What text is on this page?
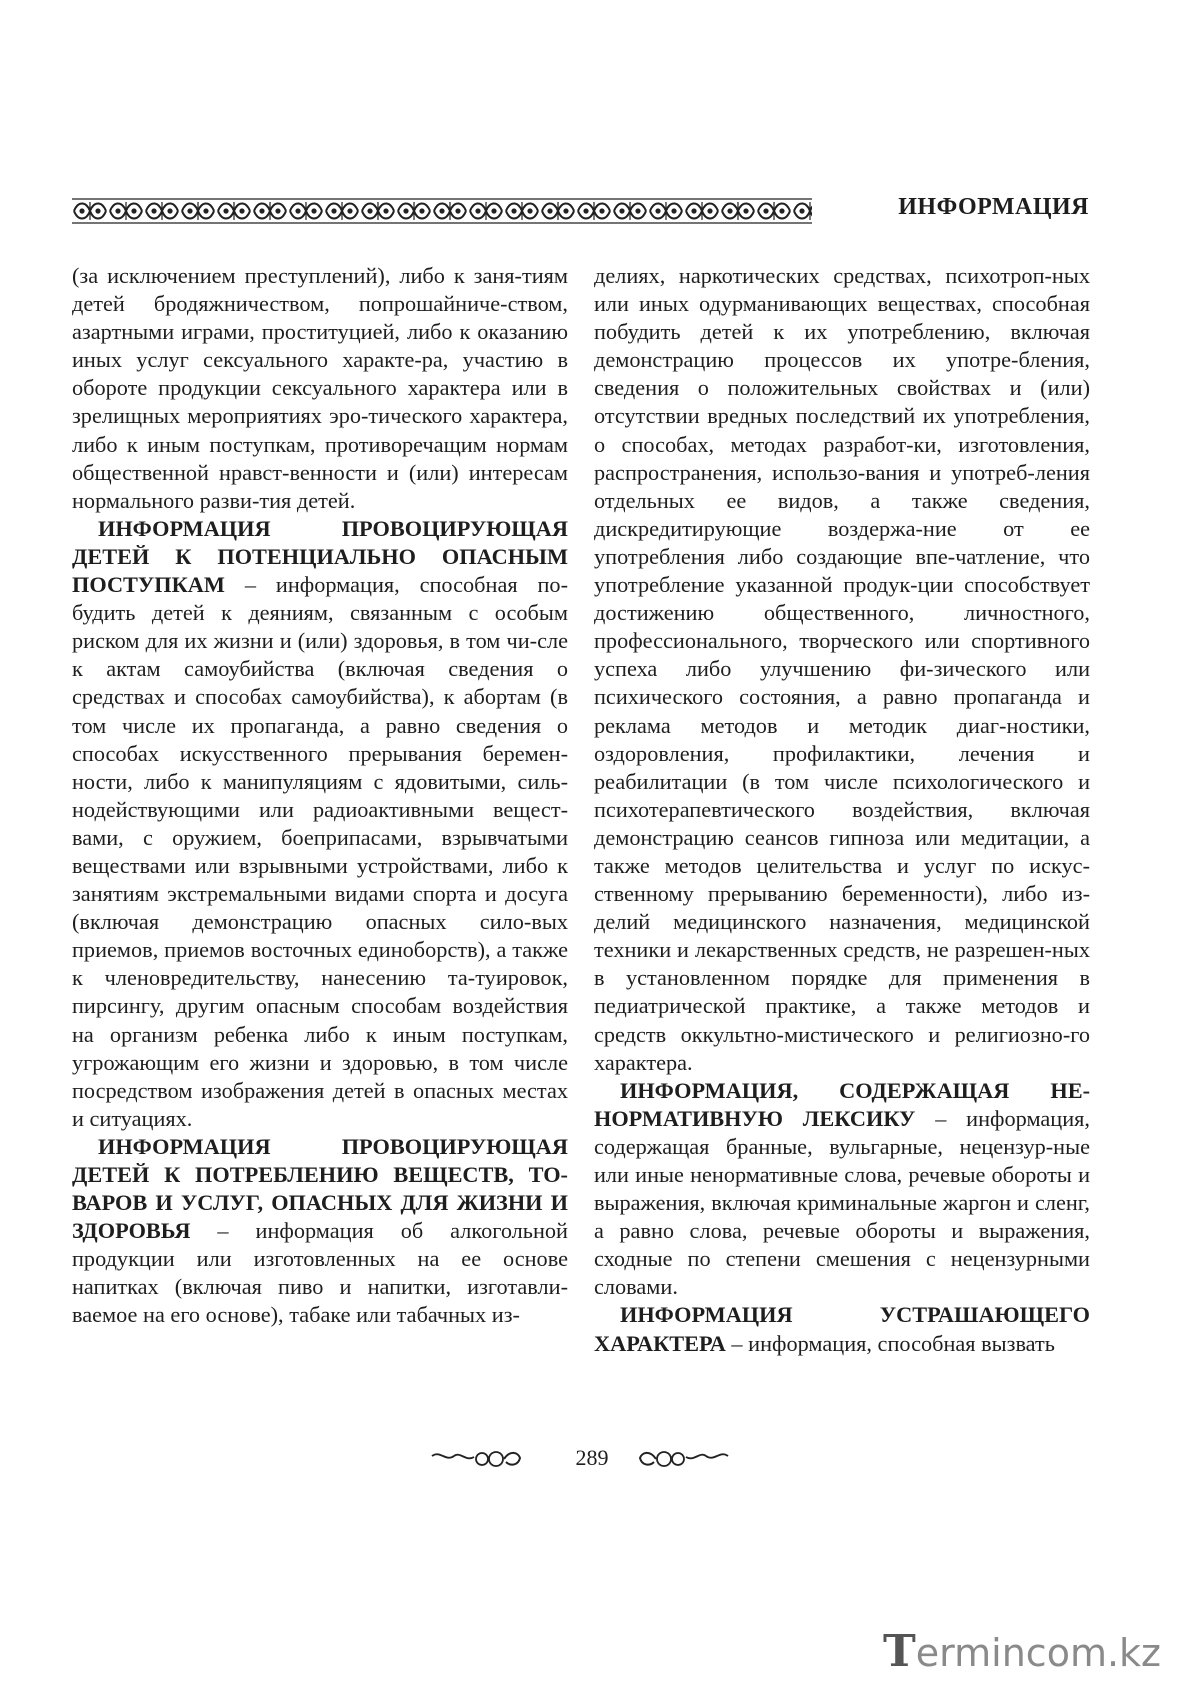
ИНФОРМАЦИЯ

(за исключением преступлений), либо к заня-тиям детей бродяжничеством, попрошайниче-ством, азартными играми, проституцией, либо к оказанию иных услуг сексуального характе-ра, участию в обороте продукции сексуального характера или в зрелищных мероприятиях эро-тического характера, либо к иным поступкам, противоречащим нормам общественной нравст-венности и (или) интересам нормального разви-тия детей.

ИНФОРМАЦИЯ ПРОВОЦИРУЮЩАЯ ДЕТЕЙ К ПОТЕНЦИАЛЬНО ОПАСНЫМ ПОСТУПКАМ – информация, способная по-будить детей к деяниям, связанным с особым риском для их жизни и (или) здоровья, в том чи-сле к актам самоубийства (включая сведения о средствах и способах самоубийства), к абортам (в том числе их пропаганда, а равно сведения о способах искусственного прерывания беремен-ности, либо к манипуляциям с ядовитыми, силь-нодействующими или радиоактивными вещест-вами, с оружием, боеприпасами, взрывчатыми веществами или взрывными устройствами, либо к занятиям экстремальными видами спорта и досуга (включая демонстрацию опасных сило-вых приемов, приемов восточных единоборств), а также к членовредительству, нанесению та-туировок, пирсингу, другим опасным способам воздействия на организм ребенка либо к иным поступкам, угрожающим его жизни и здоровью, в том числе посредством изображения детей в опасных местах и ситуациях.

ИНФОРМАЦИЯ ПРОВОЦИРУЮЩАЯ ДЕТЕЙ К ПОТРЕБЛЕНИЮ ВЕЩЕСТВ, ТО-ВАРОВ И УСЛУГ, ОПАСНЫХ ДЛЯ ЖИЗНИ И ЗДОРОВЬЯ – информация об алкогольной продукции или изготовленных на ее основе напитках (включая пиво и напитки, изготавли-ваемое на его основе), табаке или табачных из-

делиях, наркотических средствах, психотроп-ных или иных одурманивающих веществах, способная побудить детей к их употреблению, включая демонстрацию процессов их употре-бления, сведения о положительных свойствах и (или) отсутствии вредных последствий их употребления, о способах, методах разработ-ки, изготовления, распространения, использо-вания и употреб-ления отдельных ее видов, а также сведения, дискредитирующие воздержа-ние от ее употребления либо создающие впе-чатление, что употребление указанной продук-ции способствует достижению общественного, личностного, профессионального, творческого или спортивного успеха либо улучшению фи-зического или психического состояния, а равно пропаганда и реклама методов и методик диаг-ностики, оздоровления, профилактики, лечения и реабилитации (в том числе психологического и психотерапевтического воздействия, включая демонстрацию сеансов гипноза или медитации, а также методов целительства и услуг по искус-ственному прерыванию беременности), либо из-делий медицинского назначения, медицинской техники и лекарственных средств, не разрешен-ных в установленном порядке для применения в педиатрической практике, а также методов и средств оккультно-мистического и религиозно-го характера.

ИНФОРМАЦИЯ, СОДЕРЖАЩАЯ НЕ-НОРМАТИВНУЮ ЛЕКСИКУ – информация, содержащая бранные, вульгарные, нецензур-ные или иные ненормативные слова, речевые обороты и выражения, включая криминальные жаргон и сленг, а равно слова, речевые обороты и выражения, сходные по степени смешения с нецензурными словами.

ИНФОРМАЦИЯ УСТРАШАЮЩЕГО ХАРАКТЕРА – информация, способная вызвать

289
Termincom.kz
